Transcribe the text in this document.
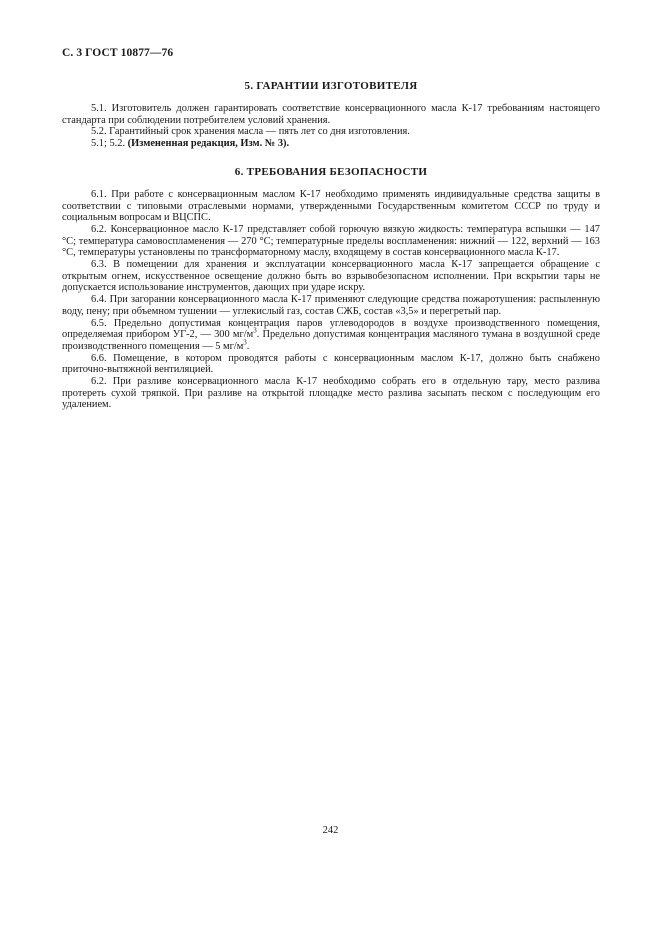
С. 3 ГОСТ 10877—76
5. ГАРАНТИИ ИЗГОТОВИТЕЛЯ

5.1. Изготовитель должен гарантировать соответствие консервационного масла К-17 требованиям настоящего стандарта при соблюдении потребителем условий хранения.

5.2. Гарантийный срок хранения масла — пять лет со дня изготовления.

5.1; 5.2. (Измененная редакция, Изм. № 3).

6. ТРЕБОВАНИЯ БЕЗОПАСНОСТИ

6.1. При работе с консервационным маслом К-17 необходимо применять индивидуальные средства защиты в соответствии с типовыми отраслевыми нормами, утвержденными Государственным комитетом СССР по труду и социальным вопросам и ВЦСПС.

6.2. Консервационное масло К-17 представляет собой горючую вязкую жидкость: температура вспышки — 147 °С; температура самовоспламенения — 270 °С; температурные пределы воспламенения: нижний — 122, верхний — 163 °С, температуры установлены по трансформаторному маслу, входящему в состав консервационного масла К-17.

6.3. В помещении для хранения и эксплуатации консервационного масла К-17 запрещается обращение с открытым огнем, искусственное освещение должно быть во взрывобезопасном исполнении. При вскрытии тары не допускается использование инструментов, дающих при ударе искру.

6.4. При загорании консервационного масла К-17 применяют следующие средства пожаротушения: распыленную воду, пену; при объемном тушении — углекислый газ, состав СЖБ, состав «3,5» и перегретый пар.

6.5. Предельно допустимая концентрация паров углеводородов в воздухе производственного помещения, определяемая прибором УГ-2, — 300 $мг/м^3$. Предельно допустимая концентрация масляного тумана в воздушной среде производственного помещения — 5 $мг/м^3$.

6.6. Помещение, в котором проводятся работы с консервационным маслом К-17, должно быть снабжено приточно-вытяжной вентиляцией.

6.2. При разливе консервационного масла К-17 необходимо собрать его в отдельную тару, место разлива протереть сухой тряпкой. При разливе на открытой площадке место разлива засыпать песком с последующим его удалением.

242
